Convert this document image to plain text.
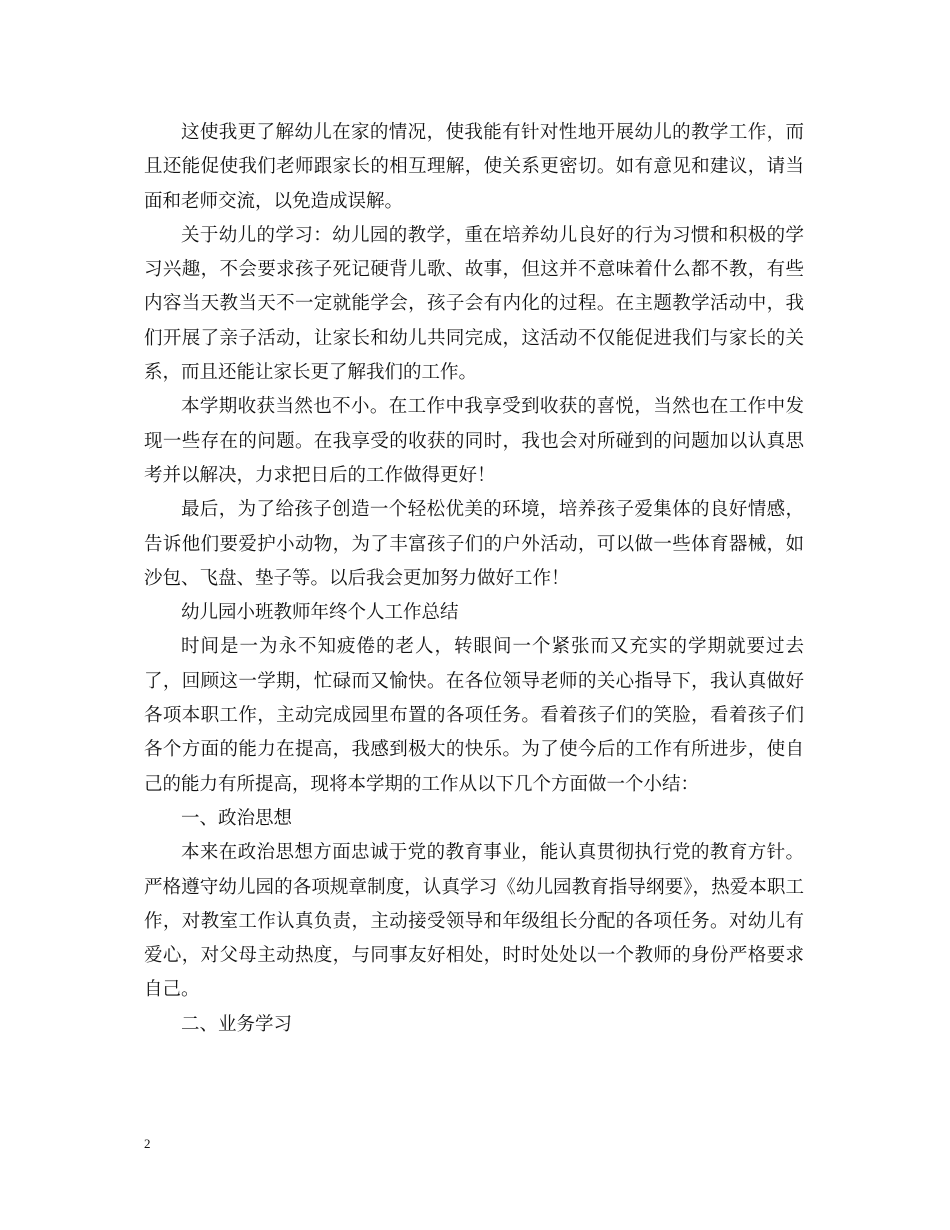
这使我更了解幼儿在家的情况，使我能有针对性地开展幼儿的教学工作，而且还能促使我们老师跟家长的相互理解，使关系更密切。如有意见和建议，请当面和老师交流，以免造成误解。

关于幼儿的学习：幼儿园的教学，重在培养幼儿良好的行为习惯和积极的学习兴趣，不会要求孩子死记硬背儿歌、故事，但这并不意味着什么都不教，有些内容当天教当天不一定就能学会，孩子会有内化的过程。在主题教学活动中，我们开展了亲子活动，让家长和幼儿共同完成，这活动不仅能促进我们与家长的关系，而且还能让家长更了解我们的工作。

本学期收获当然也不小。在工作中我享受到收获的喜悦，当然也在工作中发现一些存在的问题。在我享受的收获的同时，我也会对所碰到的问题加以认真思考并以解决，力求把日后的工作做得更好！

最后，为了给孩子创造一个轻松优美的环境，培养孩子爱集体的良好情感，告诉他们要爱护小动物，为了丰富孩子们的户外活动，可以做一些体育器械，如沙包、飞盘、垫子等。以后我会更加努力做好工作！

幼儿园小班教师年终个人工作总结

时间是一为永不知疲倦的老人，转眼间一个紧张而又充实的学期就要过去了，回顾这一学期，忙碌而又愉快。在各位领导老师的关心指导下，我认真做好各项本职工作，主动完成园里布置的各项任务。看着孩子们的笑脸，看着孩子们各个方面的能力在提高，我感到极大的快乐。为了使今后的工作有所进步，使自己的能力有所提高，现将本学期的工作从以下几个方面做一个小结：

一、政治思想

本来在政治思想方面忠诚于党的教育事业，能认真贯彻执行党的教育方针。严格遵守幼儿园的各项规章制度，认真学习《幼儿园教育指导纲要》，热爱本职工作，对教室工作认真负责，主动接受领导和年级组长分配的各项任务。对幼儿有爱心，对父母主动热度，与同事友好相处，时时处处以一个教师的身份严格要求自己。

二、业务学习

2
